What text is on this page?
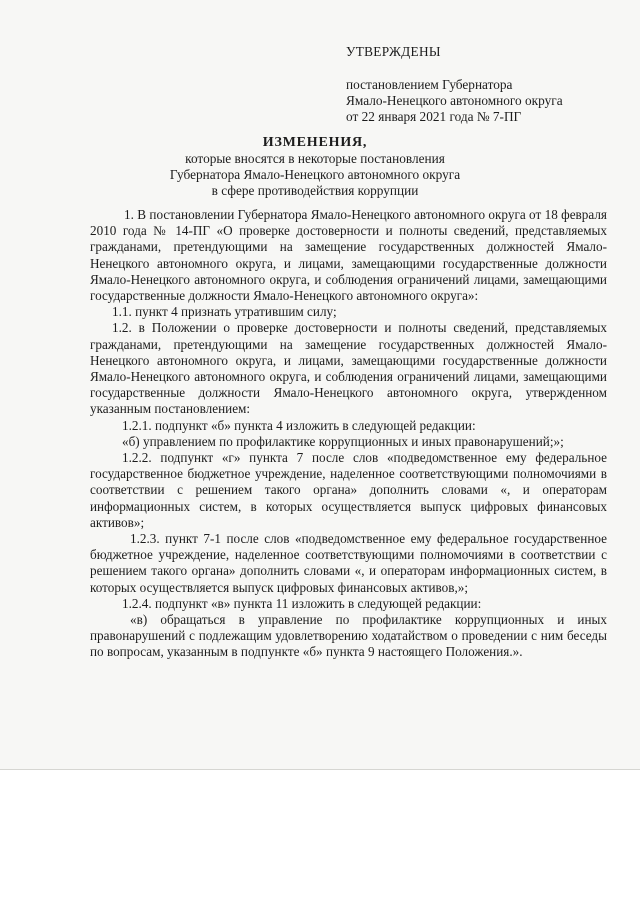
УТВЕРЖДЕНЫ
постановлением Губернатора
Ямало-Ненецкого автономного округа
от 22 января 2021 года № 7-ПГ
ИЗМЕНЕНИЯ,
которые вносятся в некоторые постановления
Губернатора Ямало-Ненецкого автономного округа
в сфере противодействия коррупции

1. В постановлении Губернатора Ямало-Ненецкого автономного округа от 18 февраля 2010 года № 14-ПГ «О проверке достоверности и полноты сведений, представляемых гражданами, претендующими на замещение государственных должностей Ямало-Ненецкого автономного округа, и лицами, замещающими государственные должности Ямало-Ненецкого автономного округа, и соблюдения ограничений лицами, замещающими государственные должности Ямало-Ненецкого автономного округа»:

1.1. пункт 4 признать утратившим силу;

1.2. в Положении о проверке достоверности и полноты сведений, представляемых гражданами, претендующими на замещение государственных должностей Ямало-Ненецкого автономного округа, и лицами, замещающими государственные должности Ямало-Ненецкого автономного округа, и соблюдения ограничений лицами, замещающими государственные должности Ямало-Ненецкого автономного округа, утвержденном указанным постановлением:

1.2.1. подпункт «б» пункта 4 изложить в следующей редакции:

«б) управлением по профилактике коррупционных и иных правонарушений;»;

1.2.2. подпункт «г» пункта 7 после слов «подведомственное ему федеральное государственное бюджетное учреждение, наделенное соответствующими полномочиями в соответствии с решением такого органа» дополнить словами «, и операторам информационных систем, в которых осуществляется выпуск цифровых финансовых активов»;

1.2.3. пункт 7-1 после слов «подведомственное ему федеральное государственное бюджетное учреждение, наделенное соответствующими полномочиями в соответствии с решением такого органа» дополнить словами «, и операторам информационных систем, в которых осуществляется выпуск цифровых финансовых активов,»;

1.2.4. подпункт «в» пункта 11 изложить в следующей редакции:

«в) обращаться в управление по профилактике коррупционных и иных правонарушений с подлежащим удовлетворению ходатайством о проведении с ним беседы по вопросам, указанным в подпункте «б» пункта 9 настоящего Положения.».
